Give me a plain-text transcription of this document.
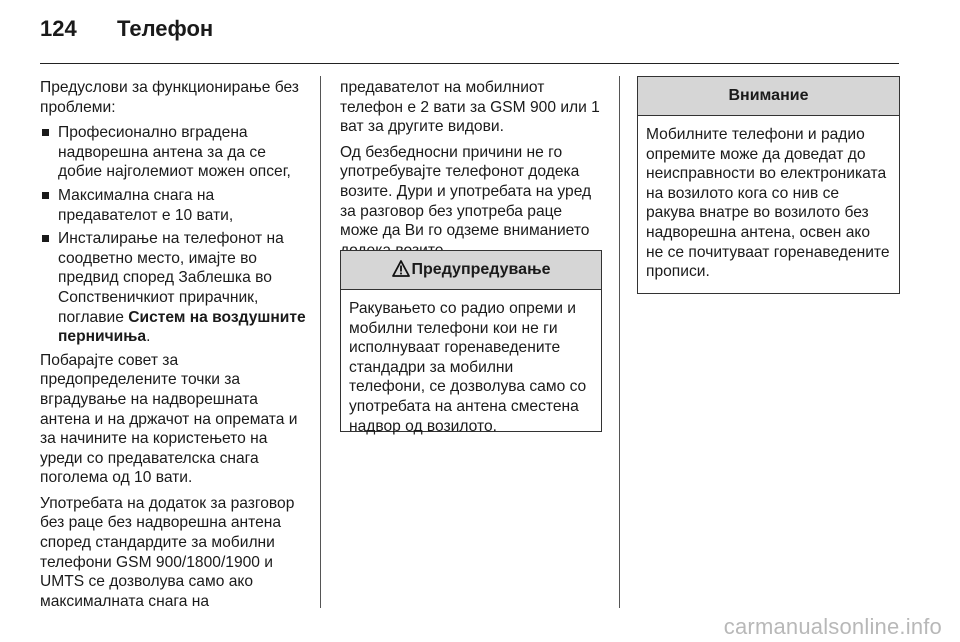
124 Телефон

Предуслови за функционирање без проблеми:

Професионално вградена надворешна антена за да се добие најголемиот можен опсег,
Максимална снага на предавателот е 10 вати,
Инсталирање на телефонот на соодветно место, имајте во предвид според Заблешка во Сопственичкиот прирачник, поглавие Систем на воздушните перничиња.

Побарајте совет за предопределените точки за вградување на надворешната антена и на држачот на опремата и за начините на користењето на уреди со предавателска снага поголема од 10 вати.

Употребата на додаток за разговор без раце без надворешна антена според стандардите за мобилни телефони GSM 900/1800/1900 и UMTS се дозволува само ако максималната снага на

предавателот на мобилниот телефон е 2 вати за GSM 900 или 1 ват за другите видови.

Од безбедносни причини не го употребувајте телефонот додека возите. Дури и употребата на уред за разговор без употреба раце може да Ви го одземе вниманието

Предупредување
Ракувањето со радио опреми и мобилни телефони кои не ги исполнуваат горенаведените стандадри за мобилни телефони, се дозволува само со употребата на антена сместена надвор од возилото.
Внимание
Мобилните телефони и радио опремите може да доведат до неисправности во електрониката на возилото кога со нив се ракува внатре во возилото без надворешна антена, освен ако не се почитуваат горенаведените прописи.
carmanualsonline.info
